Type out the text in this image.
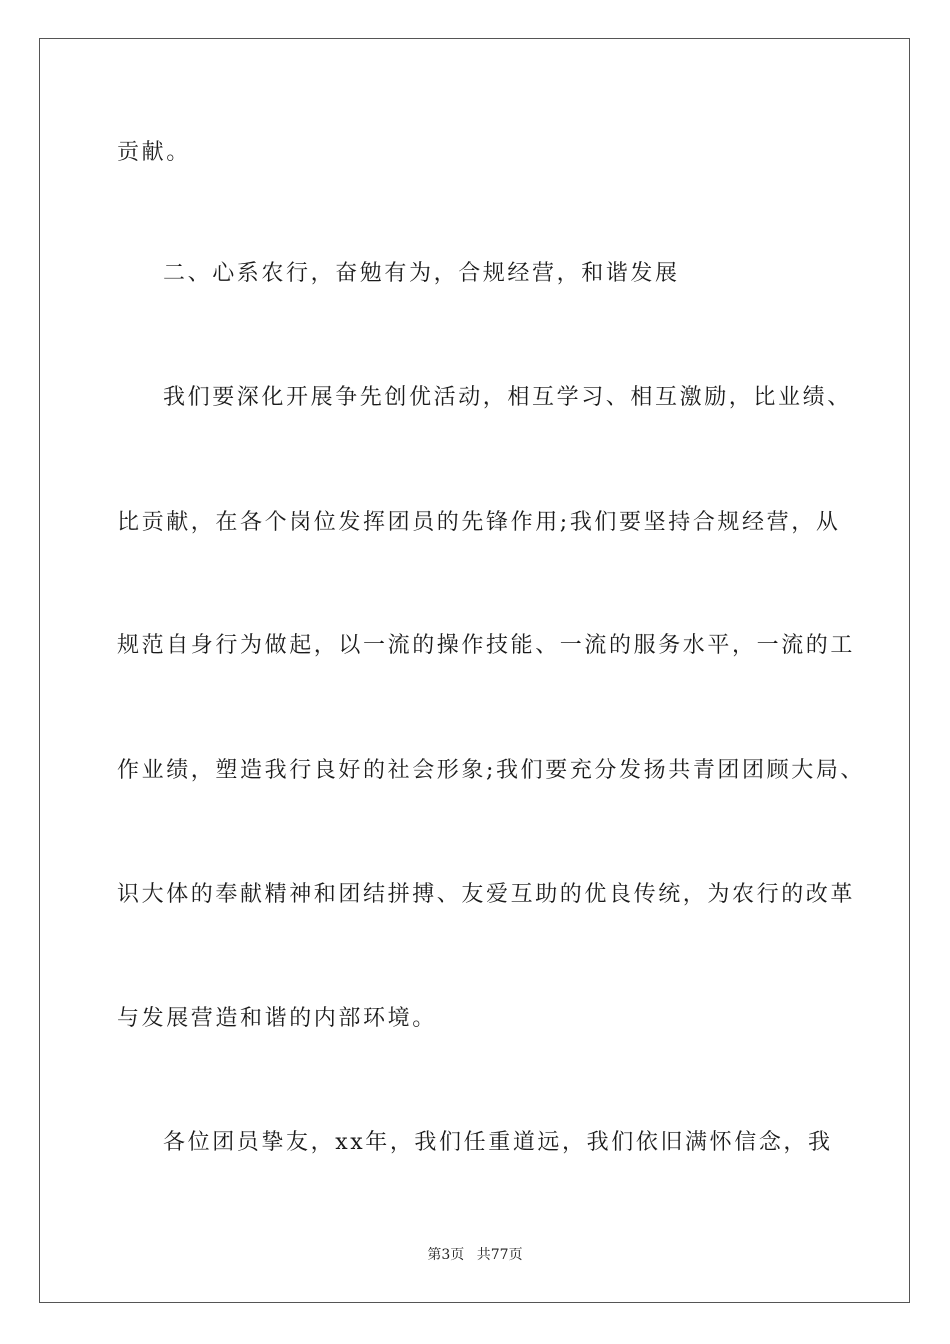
贡献。
二、心系农行，奋勉有为，合规经营，和谐发展
我们要深化开展争先创优活动，相互学习、相互激励，比业绩、
比贡献，在各个岗位发挥团员的先锋作用;我们要坚持合规经营，从
规范自身行为做起，以一流的操作技能、一流的服务水平，一流的工
作业绩，塑造我行良好的社会形象;我们要充分发扬共青团团顾大局、
识大体的奉献精神和团结拼搏、友爱互助的优良传统，为农行的改革
与发展营造和谐的内部环境。
各位团员挚友，xx年，我们任重道远，我们依旧满怀信念，我
第3页 共77页
